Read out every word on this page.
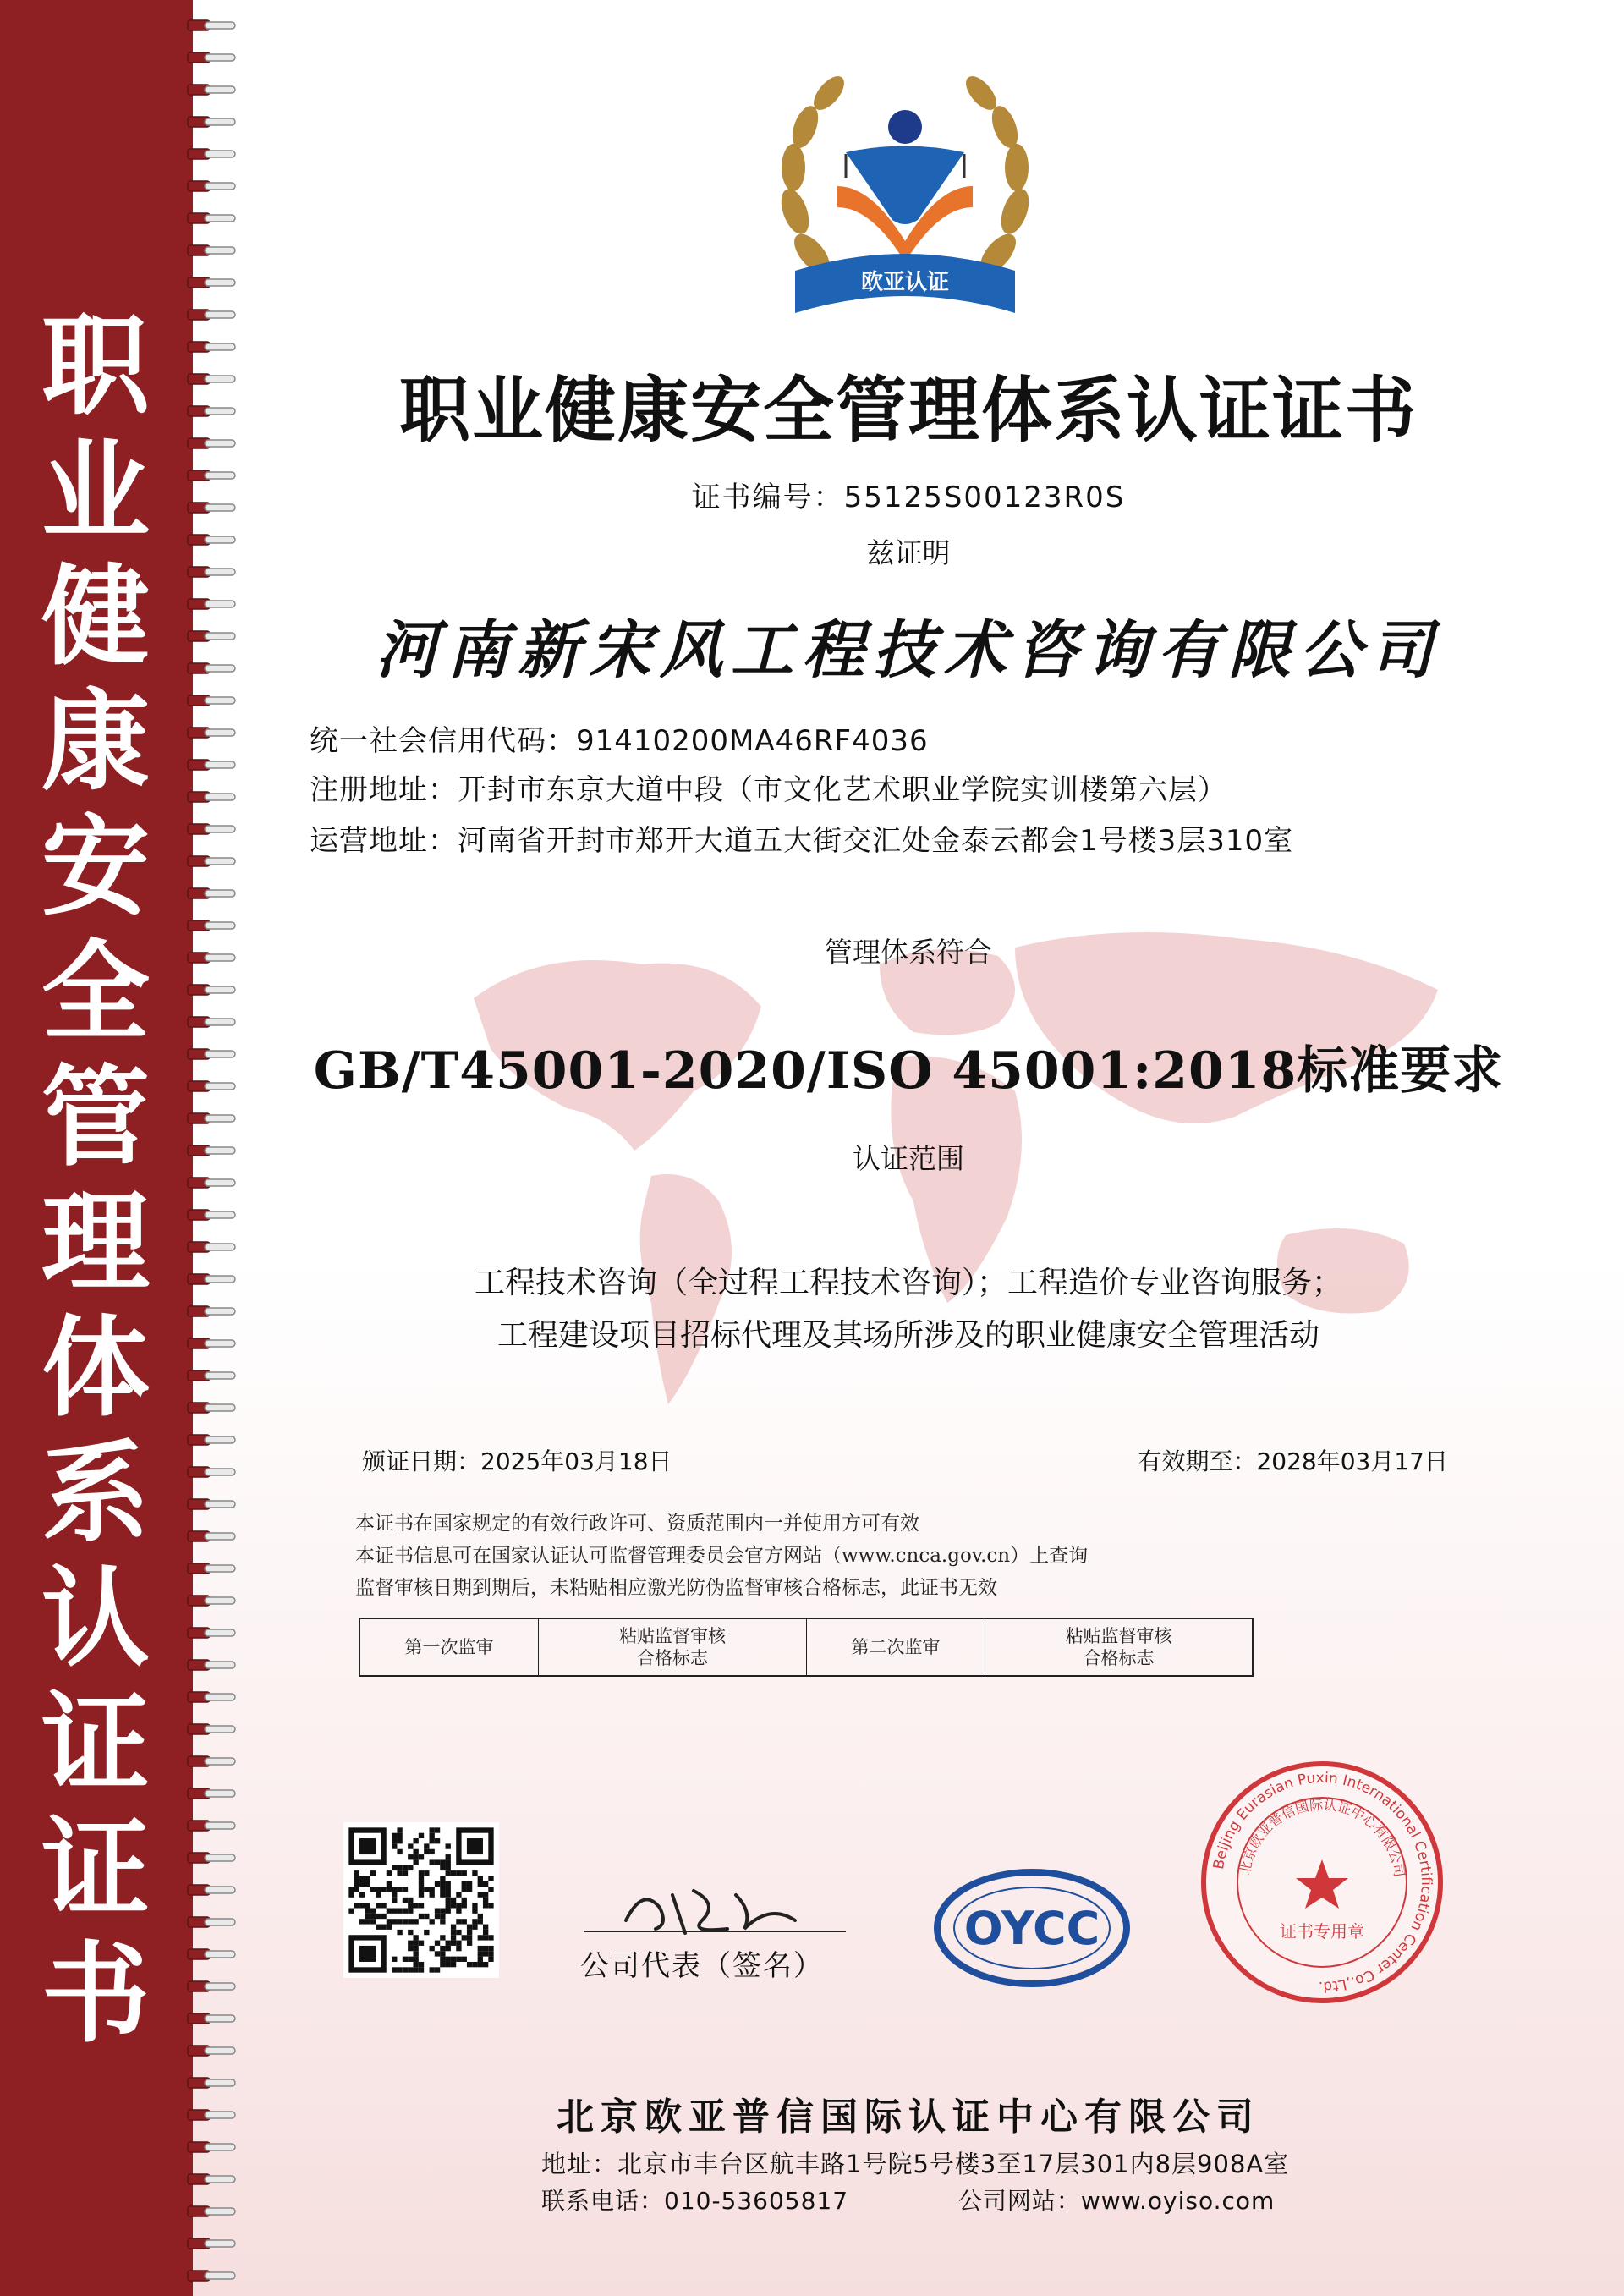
职
业
健
康
安
全
管
理
体
系
认
证
证
书
欧亚认证
EURASIAN CERTIFICATION
职业健康安全管理体系认证证书
证书编号：55125S00123R0S
兹证明
河南新宋风工程技术咨询有限公司
统一社会信用代码：91410200MA46RF4036
注册地址：开封市东京大道中段（市文化艺术职业学院实训楼第六层）
运营地址：河南省开封市郑开大道五大街交汇处金泰云都会1号楼3层310室
管理体系符合
GB/T45001-2020/ISO 45001:2018标准要求
认证范围
工程技术咨询（全过程工程技术咨询）；工程造价专业咨询服务；
工程建设项目招标代理及其场所涉及的职业健康安全管理活动
颁证日期：2025年03月18日	有效期至：2028年03月17日
本证书在国家规定的有效行政许可、资质范围内一并使用方可有效
本证书信息可在国家认证认可监督管理委员会官方网站（www.cnca.gov.cn）上查询
监督审核日期到期后，未粘贴相应激光防伪监督审核合格标志，此证书无效
第一次监审
粘贴监督审核
合格标志
第二次监审
粘贴监督审核
合格标志
公司代表（签名）
OYCC
Beijing Eurasian Puxin International Certification Center Co.,Ltd.
北京欧亚普信国际认证中心有限公司
证书专用章
北京欧亚普信国际认证中心有限公司
地址：北京市丰台区航丰路1号院5号楼3至17层301内8层908A室
联系电话：010-53605817	公司网站：www.oyiso.com
